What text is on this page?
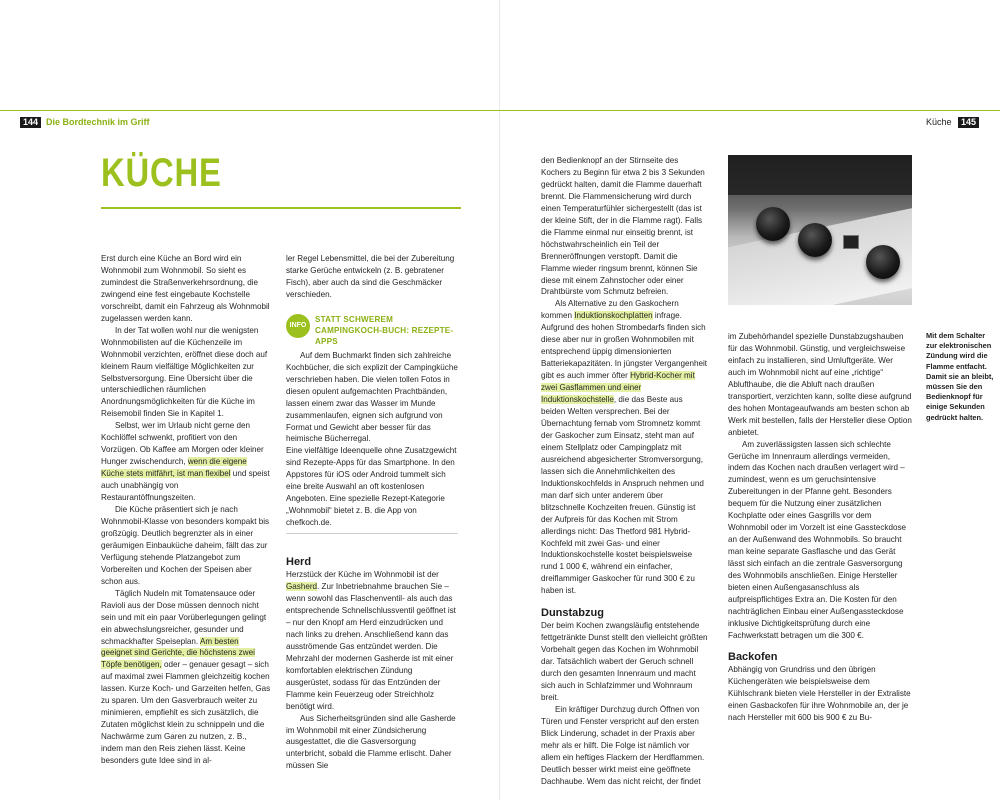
144 Die Bordtechnik im Griff	Küche	145
KÜCHE

Erst durch eine Küche an Bord wird ein Wohnmobil zum Wohnmobil. So sieht es zumindest die Straßenverkehrsordnung, die zwingend eine fest eingebaute Kochstelle vorschreibt, damit ein Fahrzeug als Wohnmobil zugelassen werden kann.

In der Tat wollen wohl nur die wenigsten Wohnmobilisten auf die Küchenzeile im Wohnmobil verzichten, eröffnet diese doch auf kleinem Raum vielfältige Möglichkeiten zur Selbstversorgung. Eine Übersicht über die unterschiedlichen räumlichen Anordnungsmöglichkeiten für die Küche im Reisemobil finden Sie in Kapitel 1.

Selbst, wer im Urlaub nicht gerne den Kochlöffel schwenkt, profitiert von den Vorzügen. Ob Kaffee am Morgen oder kleiner Hunger zwischendurch, wenn die eigene Küche stets mitfährt, ist man flexibel und speist auch unabhängig von Restaurantöffnungszeiten.

Die Küche präsentiert sich je nach Wohnmobil-Klasse von besonders kompakt bis großzügig. Deutlich begrenzter als in einer geräumigen Einbauküche daheim, fällt das zur Verfügung stehende Platzangebot zum Vorbereiten und Kochen der Speisen aber schon aus.

Täglich Nudeln mit Tomatensauce oder Ravioli aus der Dose müssen dennoch nicht sein und mit ein paar Vorüberlegungen gelingt ein abwechslungsreicher, gesunder und schmackhafter Speiseplan. Am besten geeignet sind Gerichte, die höchstens zwei Töpfe benötigen, oder – genauer gesagt – sich auf maximal zwei Flammen gleichzeitig kochen lassen. Kurze Koch- und Garzeiten helfen, Gas zu sparen. Um den Gasverbrauch weiter zu minimieren, empfiehlt es sich zusätzlich, die Zutaten möglichst klein zu schnippeln und die Nachwärme zum Garen zu nutzen, z. B., indem man den Reis ziehen lässt. Keine besonders gute Idee sind in al-

ler Regel Lebensmittel, die bei der Zubereitung starke Gerüche entwickeln (z. B. gebratener Fisch), aber auch da sind die Geschmäcker verschieden.

INFO
STATT SCHWEREM CAMPINGKOCH-BUCH: REZEPTE-APPS

Auf dem Buchmarkt finden sich zahlreiche Kochbücher, die sich explizit der Campingküche verschrieben haben. Die vielen tollen Fotos in diesen opulent aufgemachten Prachtbänden, lassen einem zwar das Wasser im Munde zusammenlaufen, eignen sich aufgrund von Format und Gewicht aber besser für das heimische Bücherregal.

Eine vielfältige Ideenquelle ohne Zusatzgewicht sind Rezepte-Apps für das Smartphone. In den Appstores für iOS oder Android tummelt sich eine breite Auswahl an oft kostenlosen Angeboten. Eine spezielle Rezept-Kategorie „Wohnmobil“ bietet z. B. die App von chefkoch.de.

Herd

Herzstück der Küche im Wohnmobil ist der Gasherd. Zur Inbetriebnahme brauchen Sie – wenn sowohl das Flaschenventil- als auch das entsprechende Schnellschlussventil geöffnet ist – nur den Knopf am Herd einzudrücken und nach links zu drehen. Anschließend kann das ausströmende Gas entzündet werden. Die Mehrzahl der modernen Gasherde ist mit einer komfortablen elektrischen Zündung ausgerüstet, sodass für das Entzünden der Flamme kein Feuerzeug oder Streichholz benötigt wird.

Aus Sicherheitsgründen sind alle Gasherde im Wohnmobil mit einer Zündsicherung ausgestattet, die die Gasversorgung unterbricht, sobald die Flamme erlischt. Daher müssen Sie

den Bedienknopf an der Stirnseite des Kochers zu Beginn für etwa 2 bis 3 Sekunden gedrückt halten, damit die Flamme dauerhaft brennt. Die Flammensicherung wird durch einen Temperaturfühler sichergestellt (das ist der kleine Stift, der in die Flamme ragt). Falls die Flamme einmal nur einseitig brennt, ist höchstwahrscheinlich ein Teil der Brenneröffnungen verstopft. Damit die Flamme wieder ringsum brennt, können Sie diese mit einem Zahnstocher oder einer Drahtbürste vom Schmutz befreien.

Als Alternative zu den Gaskochern kommen Induktionskochplatten infrage. Aufgrund des hohen Strombedarfs finden sich diese aber nur in großen Wohnmobilen mit entsprechend üppig dimensionierten Batteriekapazitäten. In jüngster Vergangenheit gibt es auch immer öfter Hybrid-Kocher mit zwei Gasflammen und einer Induktionskochstelle, die das Beste aus beiden Welten versprechen. Bei der Übernachtung fernab vom Stromnetz kommt der Gaskocher zum Einsatz, steht man auf einem Stellplatz oder Campingplatz mit ausreichend abgesicherter Stromversorgung, lassen sich die Annehmlichkeiten des Induktionskochfelds in Anspruch nehmen und man darf sich unter anderem über blitzschnelle Kochzeiten freuen. Günstig ist der Aufpreis für das Kochen mit Strom allerdings nicht: Das Thetford 981 Hybrid-Kochfeld mit zwei Gas- und einer Induktionskochstelle kostet beispielsweise rund 1 000 €, während ein einfacher, dreiflammiger Gaskocher für rund 300 € zu haben ist.

Dunstabzug

Der beim Kochen zwangsläufig entstehende fettgetränkte Dunst stellt den vielleicht größten Vorbehalt gegen das Kochen im Wohnmobil dar. Tatsächlich wabert der Geruch schnell durch den gesamten Innenraum und macht sich auch in Schlafzimmer und Wohnraum breit.

Ein kräftiger Durchzug durch Öffnen von Türen und Fenster verspricht auf den ersten Blick Linderung, schadet in der Praxis aber mehr als er hilft. Die Folge ist nämlich vor allem ein heftiges Flackern der Herdflammen. Deutlich besser wirkt meist eine geöffnete Dachhaube. Wem das nicht reicht, der findet

im Zubehörhandel spezielle Dunstabzugshauben für das Wohnmobil. Günstig, und vergleichsweise einfach zu installieren, sind Umluftgeräte. Wer auch im Wohnmobil nicht auf eine „richtige“ Ablufthaube, die die Abluft nach draußen transportiert, verzichten kann, sollte diese aufgrund des hohen Montageaufwands am besten schon ab Werk mit bestellen, falls der Hersteller diese Option anbietet.

Am zuverlässigsten lassen sich schlechte Gerüche im Innenraum allerdings vermeiden, indem das Kochen nach draußen verlagert wird – zumindest, wenn es um geruchsintensive Zubereitungen in der Pfanne geht. Besonders bequem für die Nutzung einer zusätzlichen Kochplatte oder eines Gasgrills vor dem Wohnmobil oder im Vorzelt ist eine Gassteckdose an der Außenwand des Wohnmobils. So braucht man keine separate Gasflasche und das Gerät lässt sich einfach an die zentrale Gasversorgung des Wohnmobils anschließen. Einige Hersteller bieten einen Außengasanschluss als aufpreispflichtiges Extra an. Die Kosten für den nachträglichen Einbau einer Außengassteckdose inklusive Dichtigkeitsprüfung durch eine Fachwerkstatt betragen um die 300 €.

Backofen

Abhängig von Grundriss und den übrigen Küchengeräten wie beispielsweise dem Kühlschrank bieten viele Hersteller in der Extraliste einen Gasbackofen für ihre Wohnmobile an, der je nach Hersteller mit 600 bis 900 € zu Bu-

Mit dem Schalter zur elektronischen Zündung wird die Flamme entfacht. Damit sie an bleibt, müssen Sie den Bedienknopf für einige Sekunden gedrückt halten.
